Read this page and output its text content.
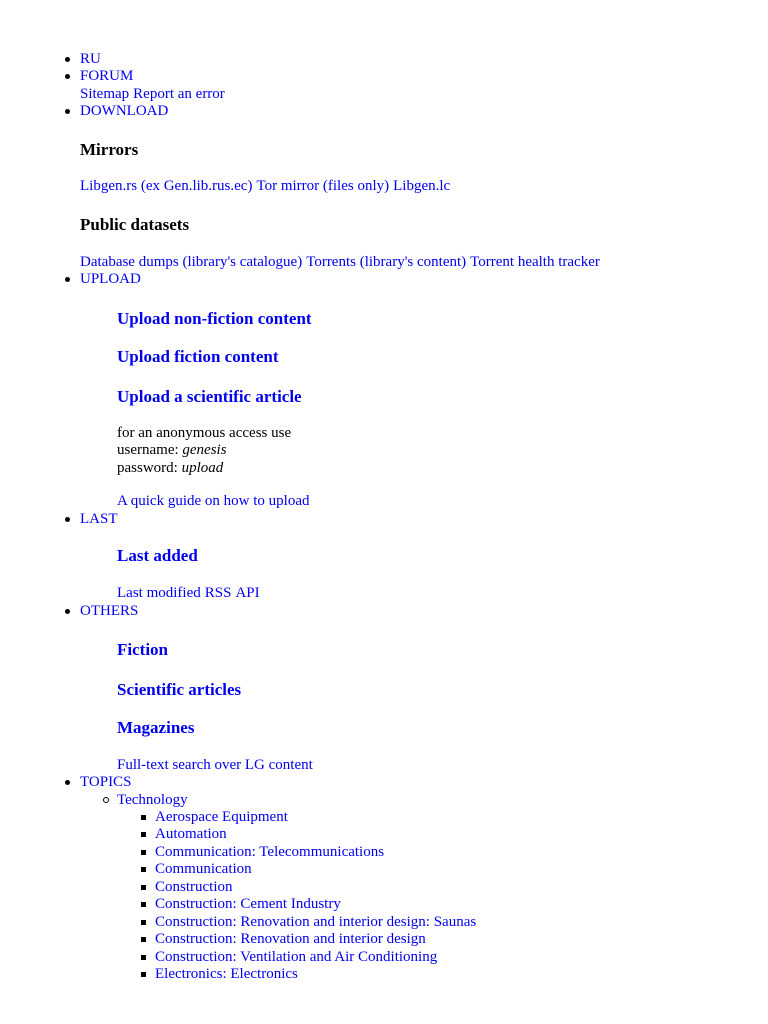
RU
FORUM
Sitemap Report an error
DOWNLOAD
Mirrors
Libgen.rs (ex Gen.lib.rus.ec) Tor mirror (files only) Libgen.lc
Public datasets
Database dumps (library's catalogue) Torrents (library's content) Torrent health tracker
UPLOAD
Upload non-fiction content
Upload fiction content
Upload a scientific article
for an anonymous access use
username: genesis
password: upload
A quick guide on how to upload
LAST
Last added
Last modified RSS API
OTHERS
Fiction
Scientific articles
Magazines
Full-text search over LG content
TOPICS
Technology
Aerospace Equipment
Automation
Communication: Telecommunications
Communication
Construction
Construction: Cement Industry
Construction: Renovation and interior design: Saunas
Construction: Renovation and interior design
Construction: Ventilation and Air Conditioning
Electronics: Electronics
